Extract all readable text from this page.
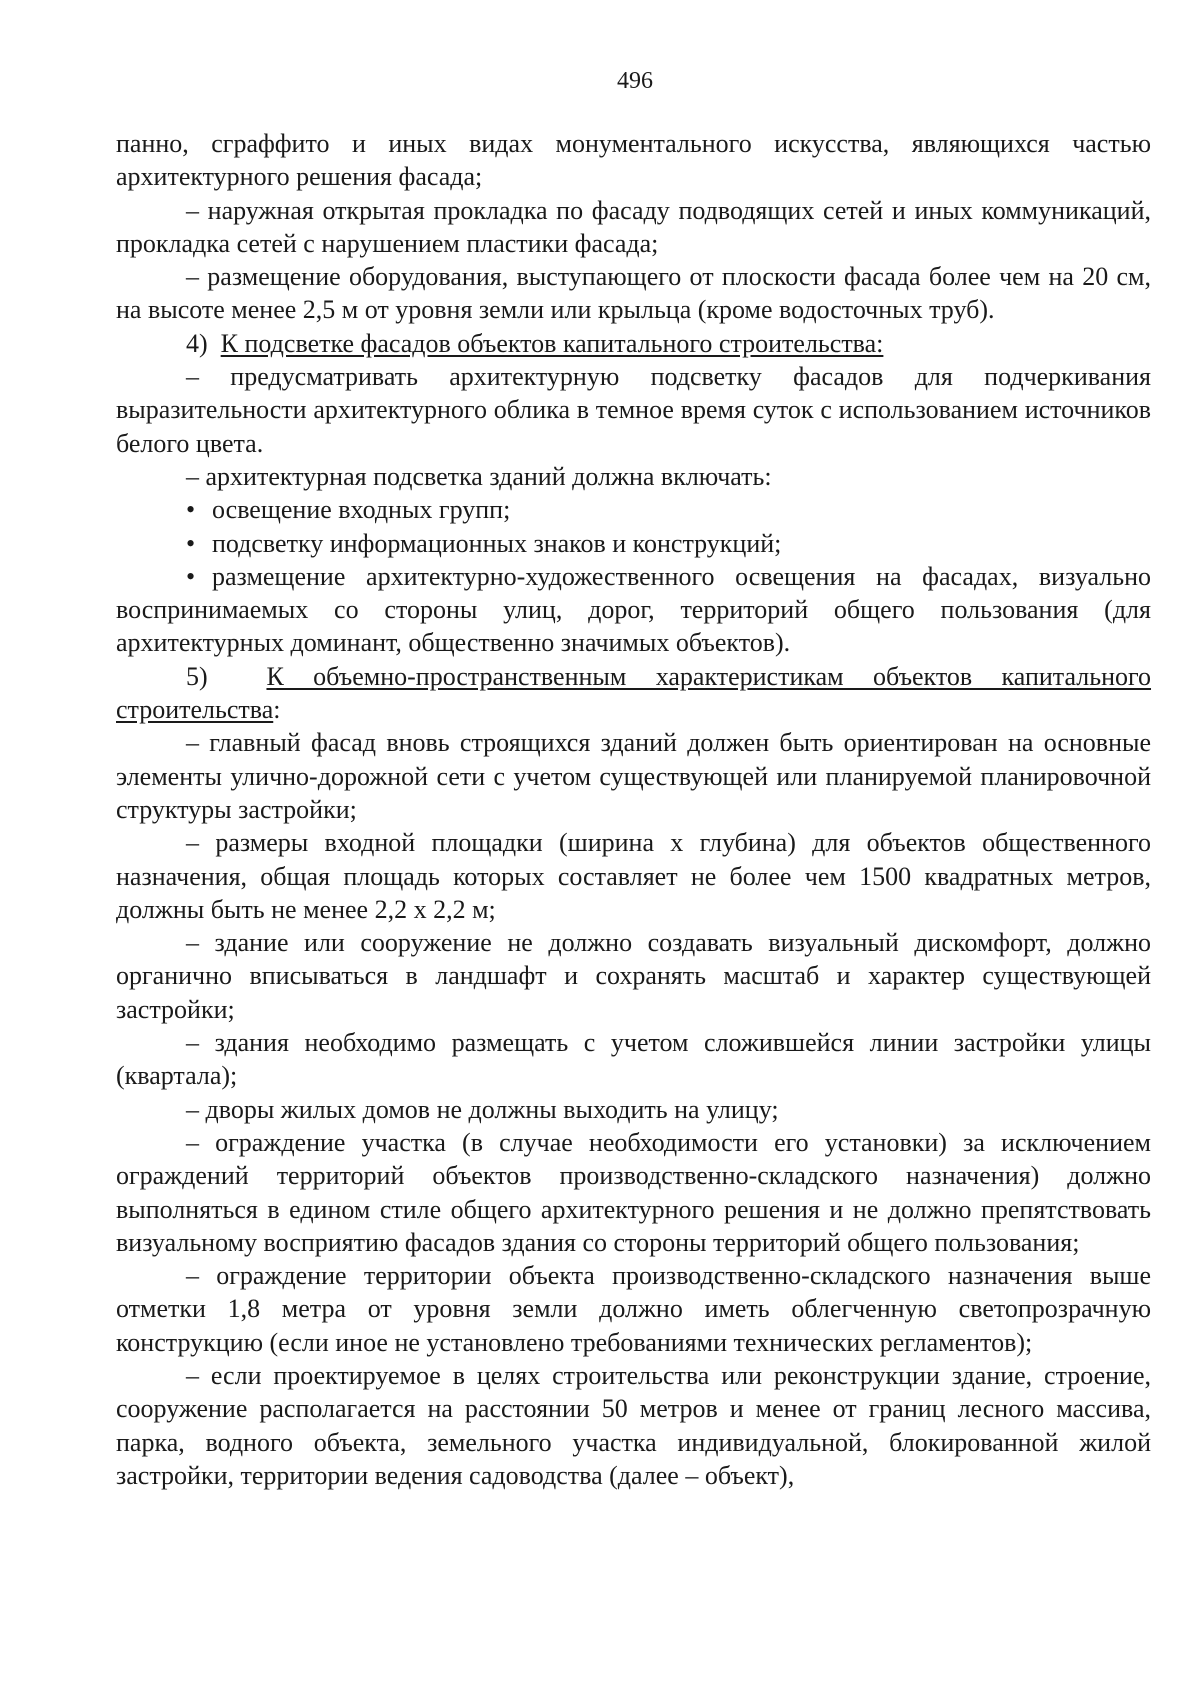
496

панно, сграффито и иных видах монументального искусства, являющихся частью архитектурного решения фасада;

– наружная открытая прокладка по фасаду подводящих сетей и иных коммуникаций, прокладка сетей с нарушением пластики фасада;

– размещение оборудования, выступающего от плоскости фасада более чем на 20 см, на высоте менее 2,5 м от уровня земли или крыльца (кроме водосточных труб).

4) К подсветке фасадов объектов капитального строительства:

– предусматривать архитектурную подсветку фасадов для подчеркивания выразительности архитектурного облика в темное время суток с использованием источников белого цвета.

– архитектурная подсветка зданий должна включать:

• освещение входных групп;

• подсветку информационных знаков и конструкций;

• размещение архитектурно-художественного освещения на фасадах, визуально воспринимаемых со стороны улиц, дорог, территорий общего пользования (для архитектурных доминант, общественно значимых объектов).

5) К объемно-пространственным характеристикам объектов капитального строительства:

– главный фасад вновь строящихся зданий должен быть ориентирован на основные элементы улично-дорожной сети с учетом существующей или планируемой планировочной структуры застройки;

– размеры входной площадки (ширина х глубина) для объектов общественного назначения, общая площадь которых составляет не более чем 1500 квадратных метров, должны быть не менее 2,2 х 2,2 м;

– здание или сооружение не должно создавать визуальный дискомфорт, должно органично вписываться в ландшафт и сохранять масштаб и характер существующей застройки;

– здания необходимо размещать с учетом сложившейся линии застройки улицы (квартала);

– дворы жилых домов не должны выходить на улицу;

– ограждение участка (в случае необходимости его установки) за исключением ограждений территорий объектов производственно-складского назначения) должно выполняться в едином стиле общего архитектурного решения и не должно препятствовать визуальному восприятию фасадов здания со стороны территорий общего пользования;

– ограждение территории объекта производственно-складского назначения выше отметки 1,8 метра от уровня земли должно иметь облегченную светопрозрачную конструкцию (если иное не установлено требованиями технических регламентов);

– если проектируемое в целях строительства или реконструкции здание, строение, сооружение располагается на расстоянии 50 метров и менее от границ лесного массива, парка, водного объекта, земельного участка индивидуальной, блокированной жилой застройки, территории ведения садоводства (далее – объект),
